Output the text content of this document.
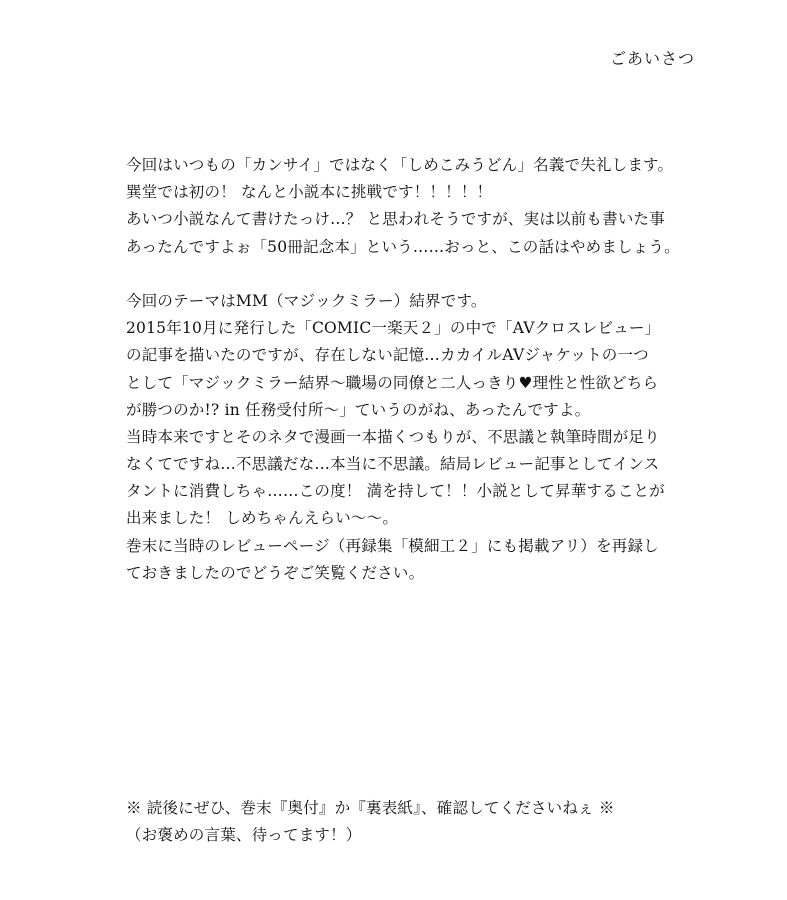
ごあいさつ
今回はいつもの「カンサイ」ではなく「しめこみうどん」名義で失礼します。
巽堂では初の！ なんと小説本に挑戦です！！！！！
あいつ小説なんて書けたっけ…？ と思われそうですが、実は以前も書いた事
あったんですよぉ「50冊記念本」という……おっと、この話はやめましょう。
今回のテーマはMM（マジックミラー）結界です。
2015年10月に発行した「COMIC一楽天２」の中で「AVクロスレビュー」
の記事を描いたのですが、存在しない記憶…カカイルAVジャケットの一つ
として「マジックミラー結界〜職場の同僚と二人っきり♥理性と性欲どちら
が勝つのか!? in 任務受付所〜」ていうのがね、あったんですよ。
当時本来ですとそのネタで漫画一本描くつもりが、不思議と執筆時間が足り
なくてですね…不思議だな…本当に不思議。結局レビュー記事としてインス
タントに消費しちゃ……この度！ 満を持して！！小説として昇華することが
出来ました！ しめちゃんえらい〜〜。
巻末に当時のレビューページ（再録集「模細工２」にも掲載アリ）を再録し
ておきましたのでどうぞご笑覧ください。
※ 読後にぜひ、巻末『奥付』か『裏表紙』、確認してくださいねぇ ※
（お褒めの言葉、待ってます！）
